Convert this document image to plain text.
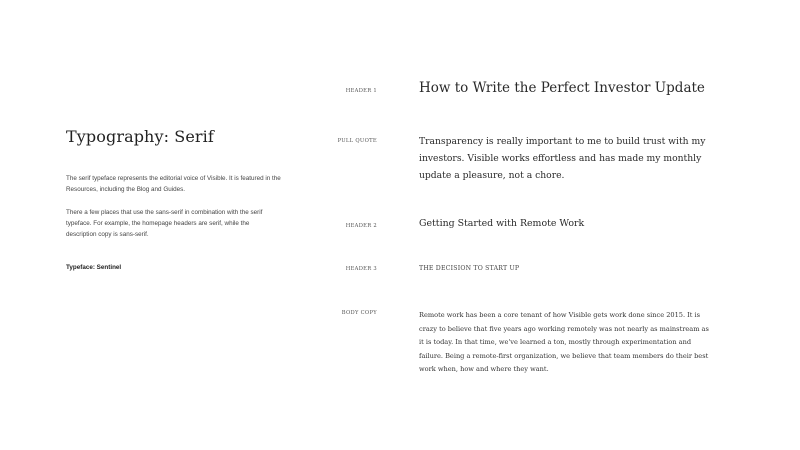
Typography: Serif
The serif typeface represents the editorial voice of Visible. It is featured in the Resources, including the Blog and Guides.
There a few places that use the sans-serif in combination with the serif typeface. For example, the homepage headers are serif, while the description copy is sans-serif.
Typeface: Sentinel
HEADER 1
PULL QUOTE
HEADER 2
HEADER 3
BODY COPY
How to Write the Perfect Investor Update
Transparency is really important to me to build trust with my investors. Visible works effortless and has made my monthly update a pleasure, not a chore.
Getting Started with Remote Work
THE DECISION TO START UP
Remote work has been a core tenant of how Visible gets work done since 2015. It is crazy to believe that five years ago working remotely was not nearly as mainstream as it is today. In that time, we've learned a ton, mostly through experimentation and failure. Being a remote-first organization, we believe that team members do their best work when, how and where they want.
